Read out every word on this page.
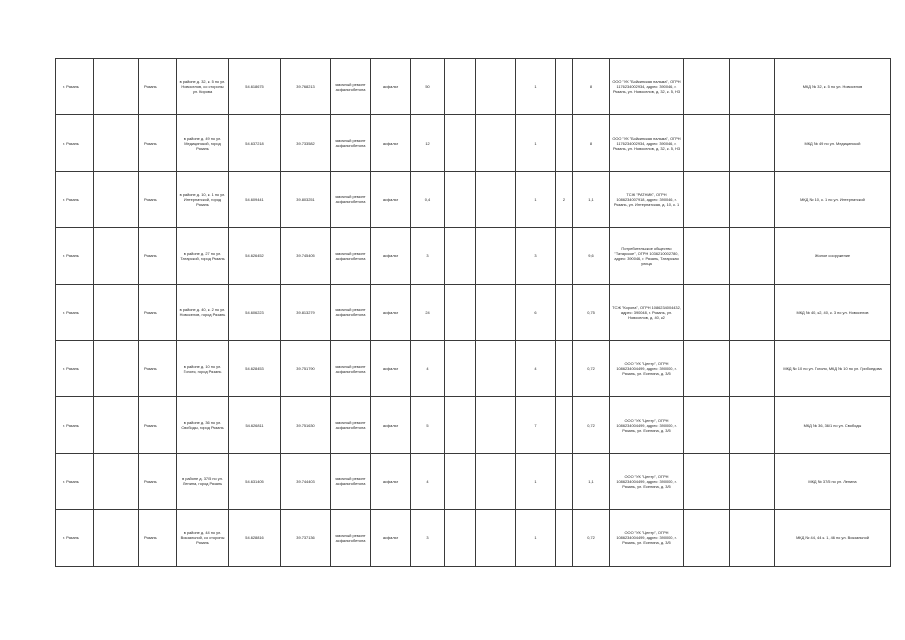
г. Рязань		Рязань	в районе д. 32, к. 5 по ул. Новоселов, со стороны ул. Кирова	54.618675	39.768213	ямочный ремонт асфальтобетона	асфальт	50			1		8	ООО "УК "Бойкинская пальма", ОГРН 1176234002934, адрес: 390046, г. Рязань, ул. Новоселов, д. 32, к. 5, Н3			МКД № 32, к. 5 по ул. Новоселов
г. Рязань		Рязань	в районе д. 49 по ул. Медицинской, город Рязань	54.637218	39.733582	ямочный ремонт асфальтобетона	асфальт	12			1		8	ООО "УК "Бойкинская пальма", ОГРН 1176234002934, адрес: 390046, г. Рязань, ул. Новоселов, д. 32, к. 5, Н3			МКД № 49 по ул. Медицинской
г. Рязань		Рязань	в районе д. 10, к. 1 по ул. Интернатской, город Рязань	54.609441	39.803251	ямочный ремонт асфальтобетона	асфальт	0,4			1	2	1,1	ТСЖ "РАТНИК", ОГРН 1086234007918, адрес: 390046, г. Рязань, ул. Интернатская, д. 10, к. 1			МКД № 10, к. 1 по ул. Интернатской
г. Рязань		Рязань	в районе д. 27 по ул. Татарской, город Рязань	54.626452	39.745405	ямочный ремонт асфальтобетона	асфальт	3			3		9,6	Потребительское общество "Татарское", ОГРН 1036210002780, адрес: 390046, г. Рязань, Татарская улица			Жилое сооружение
г. Рязань		Рязань	в районе д. 40, к. 2 по ул. Новоселов, город Рязань	54.606223	39.813279	ямочный ремонт асфальтобетона	асфальт	24			6		0,75	ТСЖ "Корона", ОГРН 1086234004432, адрес: 390048, г. Рязань, ул. Новоселов, д. 40, к2			МКД № 40, к2, 40, к. 3 по ул. Новоселов
г. Рязань		Рязань	в районе д. 10 по ул. Гоголя, город Рязань	54.628453	39.751790	ямочный ремонт асфальтобетона	асфальт	4			4		0,72	ООО "УК "Центр", ОГРН 1086234004499, адрес: 390000, г. Рязань, ул. Есенина, д. 3/5			МКД № 10 по ул. Гоголя, МКД № 10 по ул. Грибоедова
г. Рязань		Рязань	в районе д. 36 по ул. Свободы, город Рязань	54.626811	39.751630	ямочный ремонт асфальтобетона	асфальт	5			7		0,72	ООО "УК "Центр", ОГРН 1086234004499, адрес: 390000, г. Рязань, ул. Есенина, д. 3/5			МКД № 36, 36/1 по ул. Свободы
г. Рязань		Рязань	в районе д. 37/5 по ул. Ленина, город Рязань	54.631405	39.744403	ямочный ремонт асфальтобетона	асфальт	4			1		1,1	ООО "УК "Центр", ОГРН 1086234004499, адрес: 390000, г. Рязань, ул. Есенина, д. 3/5			МКД № 37/5 по ул. Ленина
г. Рязань		Рязань	в районе д. 44 по ул. Вокзальной, со стороны Рязань	54.628816	39.737136	ямочный ремонт асфальтобетона	асфальт	3			1		0,72	ООО "УК "Центр", ОГРН 1086234004499, адрес: 390000, г. Рязань, ул. Есенина, д. 3/5			МКД № 44, 44 к. 1, 46 по ул. Вокзальной
